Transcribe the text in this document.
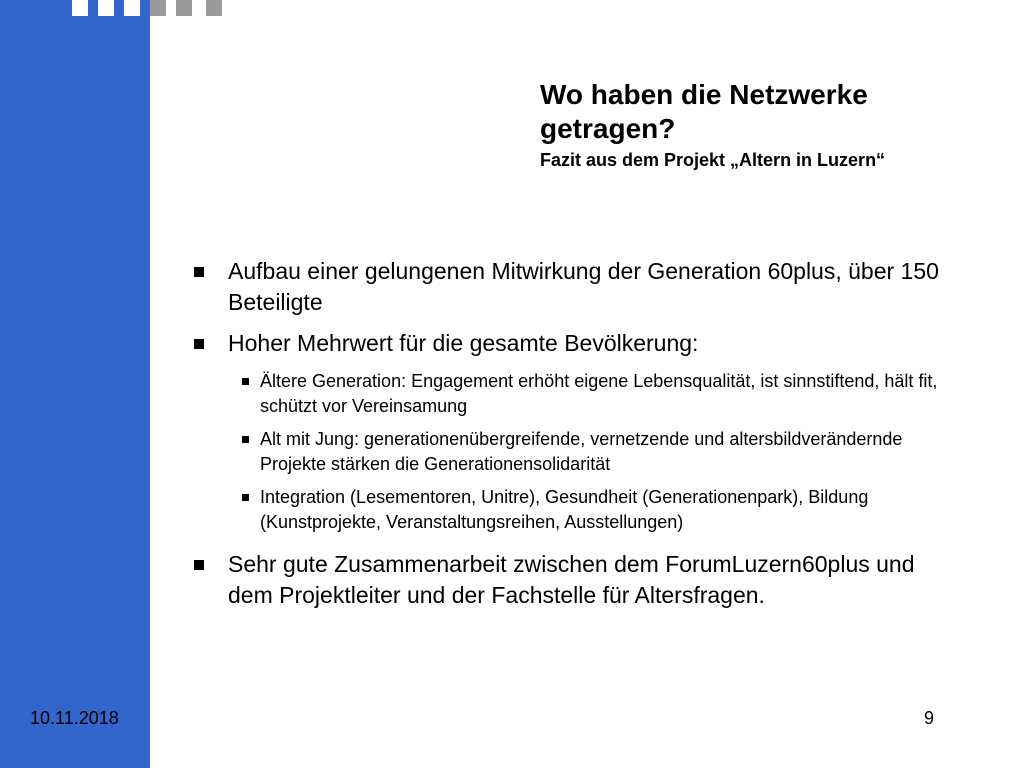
Wo haben die Netzwerke getragen?
Fazit aus dem Projekt „Altern in Luzern“
Aufbau einer gelungenen Mitwirkung der Generation 60plus, über 150 Beteiligte
Hoher Mehrwert für die gesamte Bevölkerung:
Ältere Generation: Engagement erhöht eigene Lebensqualität, ist sinnstiftend, hält fit, schützt vor Vereinsamung
Alt mit Jung: generationenübergreifende, vernetzende und altersbildverändernde Projekte stärken die Generationensolidarität
Integration (Lesementoren, Unitre), Gesundheit (Generationenpark), Bildung (Kunstprojekte, Veranstaltungsreihen, Ausstellungen)
Sehr gute Zusammenarbeit zwischen dem ForumLuzern60plus und dem Projektleiter und der Fachstelle für Altersfragen.
10.11.2018	9
